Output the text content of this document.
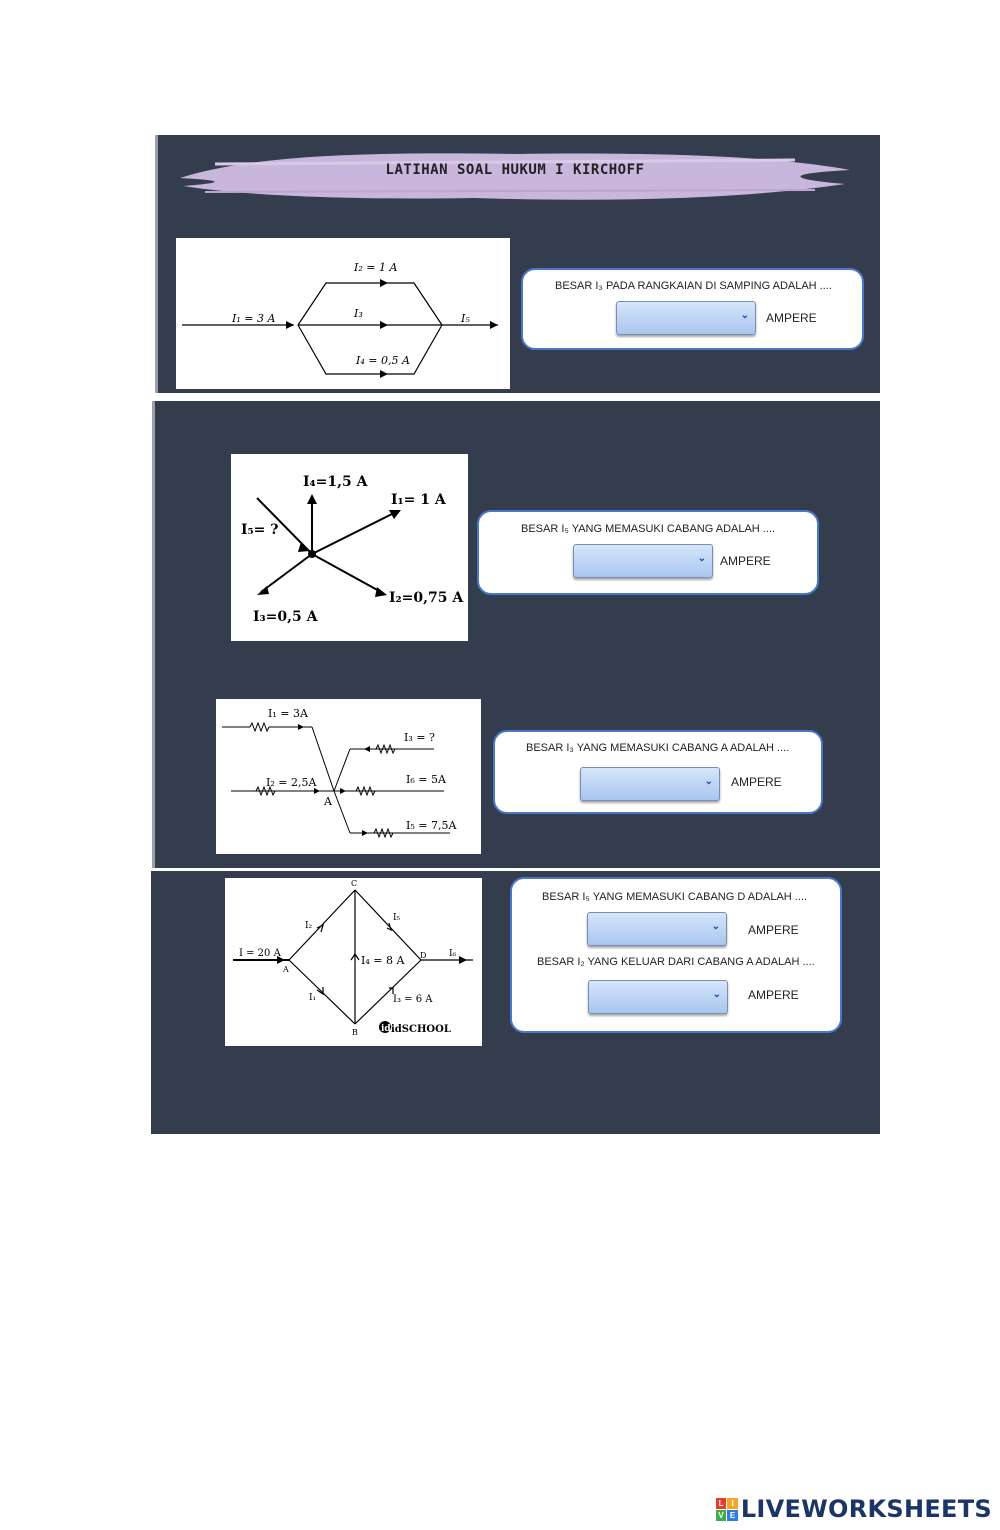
LATIHAN SOAL HUKUM I KIRCHOFF
I₁ = 3 A
I₂ = 1 A
I₃
I₄ = 0,5 A
I₅
BESAR I₃ PADA RANGKAIAN DI SAMPING ADALAH ....
⌄ AMPERE
I₄=1,5 A
I₁= 1 A
I₅= ?
I₂=0,75 A
I₃=0,5 A
BESAR I₅ YANG MEMASUKI CABANG ADALAH ....
⌄ AMPERE
I₁ = 3A
I₂ = 2,5A
I₃ = ?
I₆ = 5A
I₅ = 7,5A
A
BESAR I₃ YANG MEMASUKI CABANG A ADALAH ....
⌄ AMPERE
I = 20 A
I₂
I₁
I₄ = 8 A
I₅
I₃ = 6 A
I₆
A
B
C
D
id idSCHOOL
BESAR I₅ YANG MEMASUKI CABANG D ADALAH ....
⌄ AMPERE
BESAR I₂ YANG KELUAR DARI CABANG A ADALAH ....
⌄ AMPERE
L I
V E LIVEWORKSHEETS
